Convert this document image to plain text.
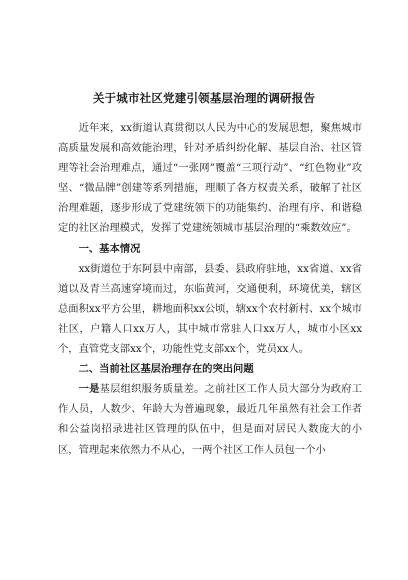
关于城市社区党建引领基层治理的调研报告

近年来，xx街道认真贯彻以人民为中心的发展思想，聚焦城市高质量发展和高效能治理，针对矛盾纠纷化解、基层自治、社区管理等社会治理难点，通过“一张网”覆盖“三项行动”、“红色物业”攻坚、“微品牌”创建等系列措施，理顺了各方权责关系，破解了社区治理难题，逐步形成了党建统领下的功能集约、治理有序、和谐稳定的社区治理模式，发挥了党建统领城市基层治理的“乘数效应”。

一、基本情况

xx街道位于东阿县中南部，县委、县政府驻地，xx省道、xx省道以及青兰高速穿境而过，东临黄河，交通便利，环境优美，辖区总面积xx平方公里，耕地面积xx公顷，辖xx个农村新村、xx个城市社区，户籍人口xx万人，其中城市常驻人口xx万人，城市小区xx个，直管党支部xx个，功能性党支部xx个，党员xx人。

二、当前社区基层治理存在的突出问题

一是基层组织服务质量差。之前社区工作人员大部分为政府工作人员，人数少、年龄大为普遍现象，最近几年虽然有社会工作者和公益岗招录进社区管理的队伍中，但是面对居民人数庞大的小区，管理起来依然力不从心，一两个社区工作人员包一个小
